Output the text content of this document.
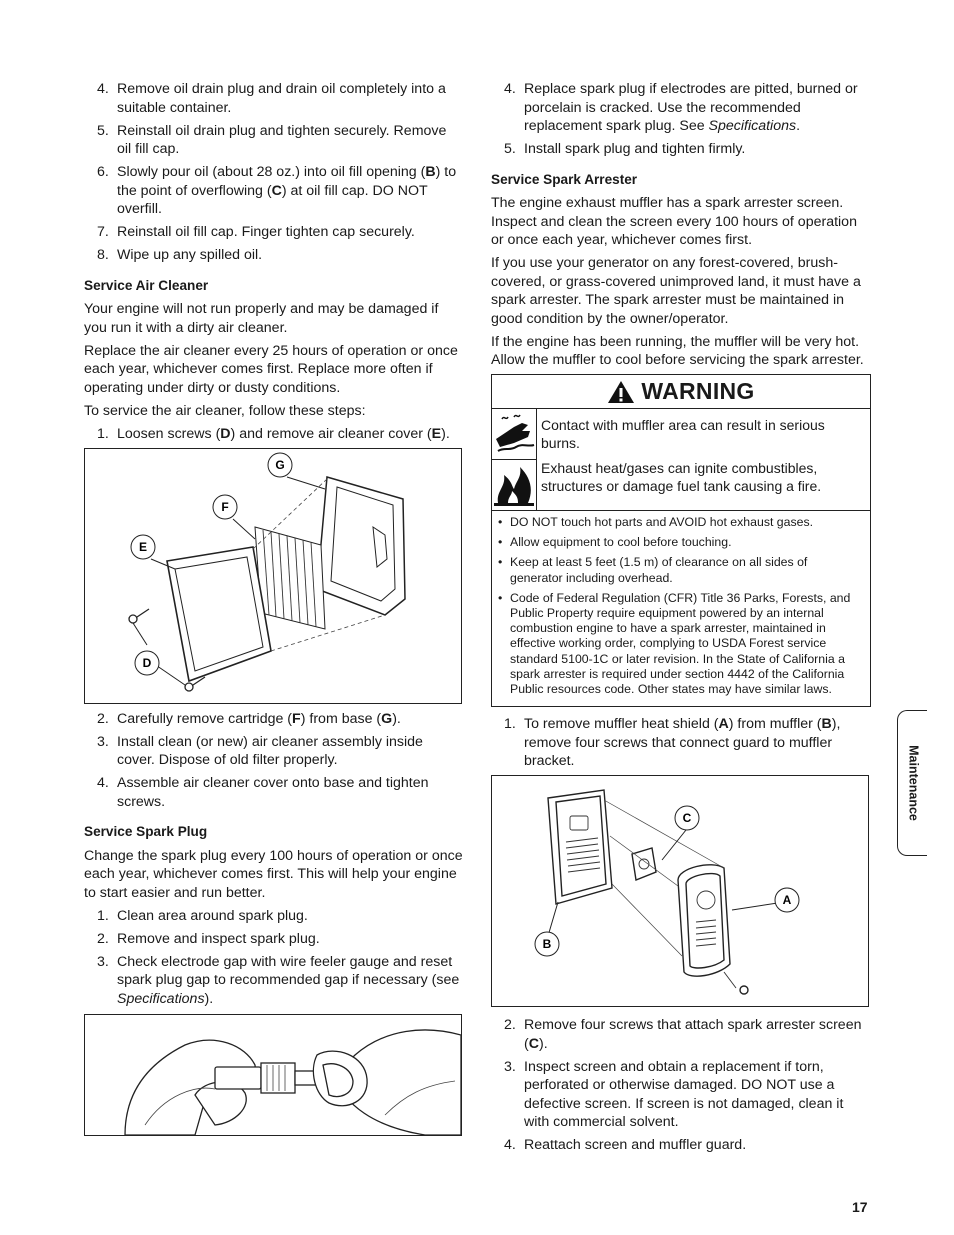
4. Remove oil drain plug and drain oil completely into a suitable container.
5. Reinstall oil drain plug and tighten securely. Remove oil fill cap.
6. Slowly pour oil (about 28 oz.) into oil fill opening (B) to the point of overflowing (C) at oil fill cap. DO NOT overfill.
7. Reinstall oil fill cap. Finger tighten cap securely.
8. Wipe up any spilled oil.
Service Air Cleaner

Your engine will not run properly and may be damaged if you run it with a dirty air cleaner.

Replace the air cleaner every 25 hours of operation or once each year, whichever comes first. Replace more often if operating under dirty or dusty conditions.

To service the air cleaner, follow these steps:

1. Loosen screws (D) and remove air cleaner cover (E).
G
F
E
D
2. Carefully remove cartridge (F) from base (G).
3. Install clean (or new) air cleaner assembly inside cover. Dispose of old filter properly.
4. Assemble air cleaner cover onto base and tighten screws.
Service Spark Plug

Change the spark plug every 100 hours of operation or once each year, whichever comes first. This will help your engine to start easier and run better.

1. Clean area around spark plug.
2. Remove and inspect spark plug.
3. Check electrode gap with wire feeler gauge and reset spark plug gap to recommended gap if necessary (see Specifications).
4. Replace spark plug if electrodes are pitted, burned or porcelain is cracked. Use the recommended replacement spark plug. See Specifications.
5. Install spark plug and tighten firmly.
Service Spark Arrester

The engine exhaust muffler has a spark arrester screen. Inspect and clean the screen every 100 hours of operation or once each year, whichever comes first.

If you use your generator on any forest-covered, brush-covered, or grass-covered unimproved land, it must have a spark arrester. The spark arrester must be maintained in good condition by the owner/operator.

If the engine has been running, the muffler will be very hot. Allow the muffler to cool before servicing the spark arrester.

WARNING

Contact with muffler area can result in serious burns.

Exhaust heat/gases can ignite combustibles, structures or damage fuel tank causing a fire.

• DO NOT touch hot parts and AVOID hot exhaust gases.
• Allow equipment to cool before touching.
• Keep at least 5 feet (1.5 m) of clearance on all sides of generator including overhead.
• Code of Federal Regulation (CFR) Title 36 Parks, Forests, and Public Property require equipment powered by an internal combustion engine to have a spark arrester, maintained in effective working order, complying to USDA Forest service standard 5100-1C or later revision. In the State of California a spark arrester is required under section 4442 of the California Public resources code. Other states may have similar laws.
1. To remove muffler heat shield (A) from muffler (B), remove four screws that connect guard to muffler bracket.
C
A
B
2. Remove four screws that attach spark arrester screen (C).
3. Inspect screen and obtain a replacement if torn, perforated or otherwise damaged. DO NOT use a defective screen. If screen is not damaged, clean it with commercial solvent.
4. Reattach screen and muffler guard.
Maintenance
17
